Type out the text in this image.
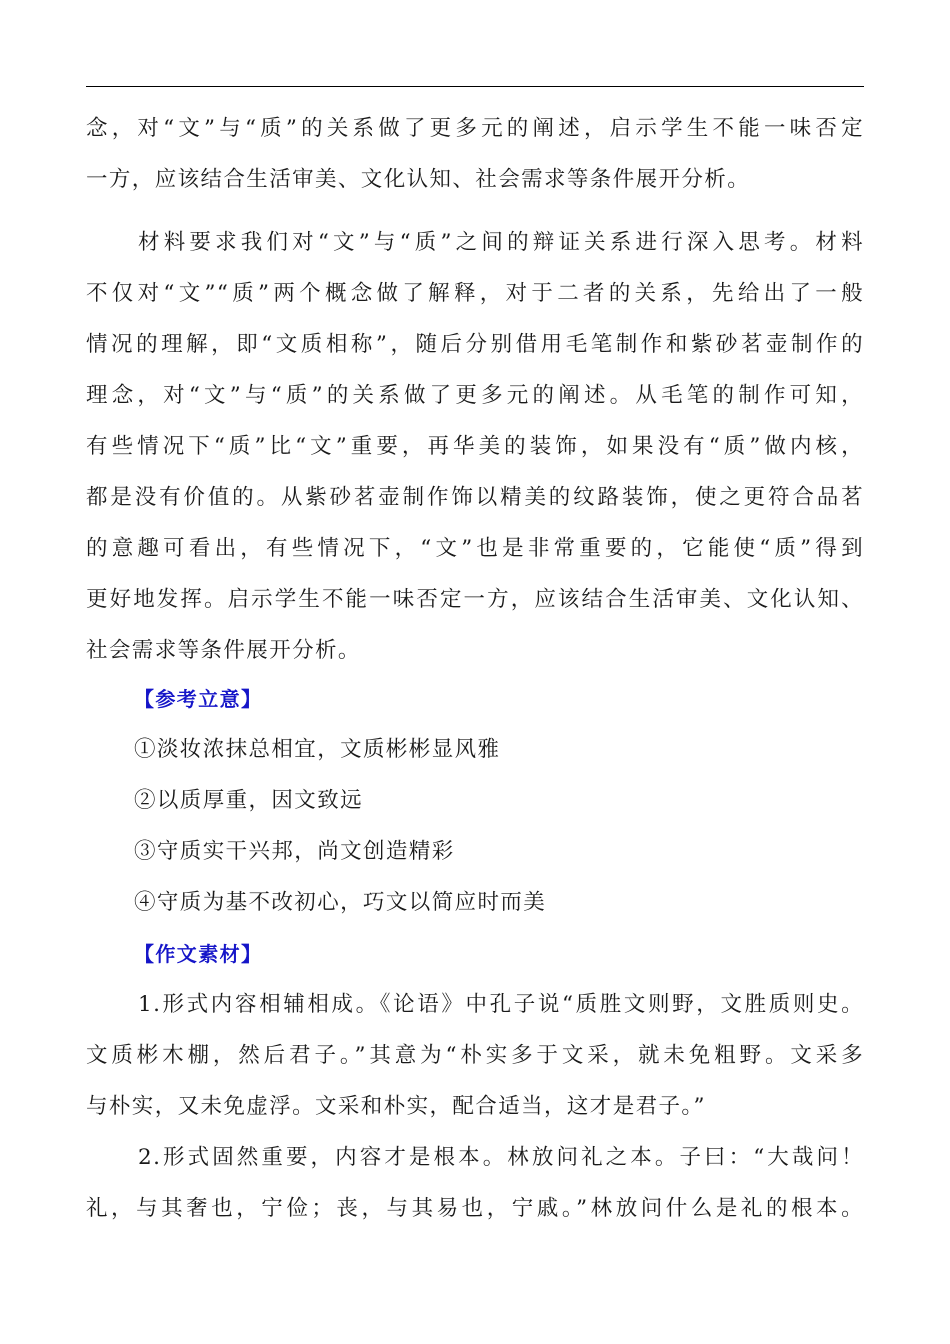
念，对“文”与“质”的关系做了更多元的阐述，启示学生不能一味否定
一方，应该结合生活审美、文化认知、社会需求等条件展开分析。
材料要求我们对“文”与“质”之间的辩证关系进行深入思考。材料
不仅对“文”“质”两个概念做了解释，对于二者的关系，先给出了一般
情况的理解，即“文质相称”，随后分别借用毛笔制作和紫砂茗壶制作的
理念，对“文”与“质”的关系做了更多元的阐述。从毛笔的制作可知，
有些情况下“质”比“文”重要，再华美的装饰，如果没有“质”做内核，
都是没有价值的。从紫砂茗壶制作饰以精美的纹路装饰，使之更符合品茗
的意趣可看出，有些情况下，“文”也是非常重要的，它能使“质”得到
更好地发挥。启示学生不能一味否定一方，应该结合生活审美、文化认知、
社会需求等条件展开分析。
【参考立意】
①淡妆浓抹总相宜，文质彬彬显风雅
②以质厚重，因文致远
③守质实干兴邦，尚文创造精彩
④守质为基不改初心，巧文以简应时而美
【作文素材】
1.形式内容相辅相成。《论语》中孔子说“质胜文则野，文胜质则史。
文质彬木棚，然后君子。”其意为“朴实多于文采，就未免粗野。文采多
与朴实，又未免虚浮。文采和朴实，配合适当，这才是君子。”
2.形式固然重要，内容才是根本。林放问礼之本。子曰：“大哉问！
礼，与其奢也，宁俭；丧，与其易也，宁戚。”林放问什么是礼的根本。
